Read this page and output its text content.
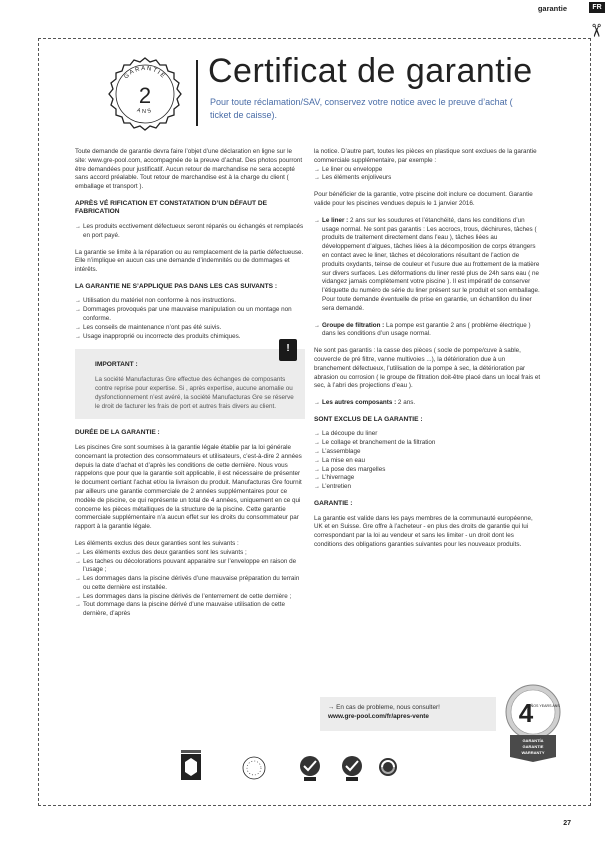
garantie	FR
✂
GARANTIE
2
ANS
Certificat de garantie
Pour toute réclamation/SAV, conservez votre notice avec le preuve d’achat ( ticket de caisse).

Toute demande de garantie devra faire l’objet d’une déclaration en ligne sur le site: www.gre-pool.com, accompagnée de la preuve d’achat. Des photos pourront être demandées pour justificatif. Aucun retour de marchandise ne sera accepté sans accord préalable. Tout retour de marchandise est à la charge du client ( emballage et transport ).

APRÈS VÉ RIFICATION ET CONSTATATION D’UN DÉFAUT DE FABRICATION
→ Les produits ecctivement défectueux seront réparés ou échangés et remplacés en port payé.

La garantie se limite à la réparation ou au remplacement de la partie défectueuse. Elle n’implique en aucun cas une demande d’indemnités ou de dommages et intérêts.

LA GARANTIE NE S’APPLIQUE PAS DANS LES CAS SUIVANTS :
→ Utilisation du matériel non conforme à nos instructions.
→ Dommages provoqués par une mauvaise manipulation ou un montage non conforme.
→ Les conseils de maintenance n’ont pas été suivis.
→ Usage inapproprié ou incorrecte des produits chimiques.
!
IMPORTANT :

La société Manufacturas Gre effectue des échanges de composants contre reprise pour expertise. Si , après expertise, aucune anomalie ou dysfonctionnement n’est avéré, la société Manufacturas Gre se réserve le droit de facturer les frais de port et autres frais divers au client.

DURÉE DE LA GARANTIE :

Les piscines Gre sont soumises à la garantie légale établie par la loi générale concernant la protection des consommateurs et utilisateurs, c’est-à-dire 2 années depuis la date d’achat et d’après les conditions de cette dernière. Nous vous rappelons que pour que la garantie soit applicable, il est nécessaire de présenter le document certiant l’achat et/ou la livraison du produit. Manufacturas Gre fournit par ailleurs une garantie commerciale de 2 années supplémentaires pour ce modèle de piscine, ce qui représente un total de 4 années, uniquement en ce qui concerne les pièces métalliques de la structure de la piscine. Cette garantie commerciale supplémentaire n’a aucun effet sur les droits du consommateur par rapport à la garantie légale.

Les éléments exclus des deux garanties sont les suivants :

→ Les éléments exclus des deux garanties sont les suivants ;
→ Les taches ou décolorations pouvant apparaitre sur l’enveloppe en raison de l’usage ;
→ Les dommages dans la piscine dérivés d’une mauvaise préparation du terrain ou cette dernière est installée.
→ Les dommages dans la piscine dérivés de l’enterrement de cette dernière ;
→ Tout dommage dans la piscine dérivé d’une mauvaise utilisation de cette dernière, d’après

la notice. D’autre part, toutes les pièces en plastique sont exclues de la garantie commerciale supplémentaire, par exemple :

→ Le liner ou enveloppe
→ Les éléments enjoliveurs

Pour bénéficier de la garantie, votre piscine doit inclure ce document. Garantie valide pour les piscines vendues depuis le 1 janvier 2016.

→ Le liner : 2 ans sur les soudures et l’étanchéité, dans les conditions d’un usage normal. Ne sont pas garantis : Les accrocs, trous, déchirures, tâches ( produits de traitement directement dans l’eau ), tâches liées au développement d’algues, tâches liées à la décomposition de corps étrangers en contact avec le liner, tâches et décolorations résultant de l’action de produits oxydants, teinse de couleur et l’usure due au frottement de la matière sur divers surfaces. Les déformations du liner resté plus de 24h sans eau ( ne vidangez jamais complètement votre piscine ). Il est impératif de conserver l’étiquette du numéro de série du liner présent sur le produit et son emballage. Pour toute demande éventuelle de prise en garantie, un échantillon du liner sera demandé.
→ Groupe de filtration : La pompe est garantie 2 ans ( problème électrique ) dans les conditions d’un usage normal.

Ne sont pas garantis : la casse des pièces ( socle de pompe/cuve à sable, couvercle de pré filtre, vanne multivoies ...), la détérioration due à un branchement défectueux, l’utilisation de la pompe à sec, la détérioration par abrasion ou corrosion ( le groupe de filtration doit-être placé dans un local frais et sec, à l’abri des projections d’eau ).

→ Les autres composants : 2 ans.
SONT EXCLUS DE LA GARANTIE :
→ La découpe du liner
→ Le collage et branchement de la filtration
→ L’assemblage
→ La mise en eau
→ La pose des margelles
→ L’hivernage
→ L’entretien
GARANTIE :

La garantie est valide dans les pays membres de la communauté européenne, UK et en Suisse. Gre offre à l’acheteur - en plus des droits de garantie qui lui correspondant par la loi au vendeur et sans les limiter - un droit dont les conditions des obligations garanties suivantes pour les nouveaux produits.

→ En cas de probleme, nous consulter!
www.gre-pool.com/fr/apres-vente	4
AÑOS YEARS ANS
GARANTÍA
GARANTIE
WARRANTY
27
